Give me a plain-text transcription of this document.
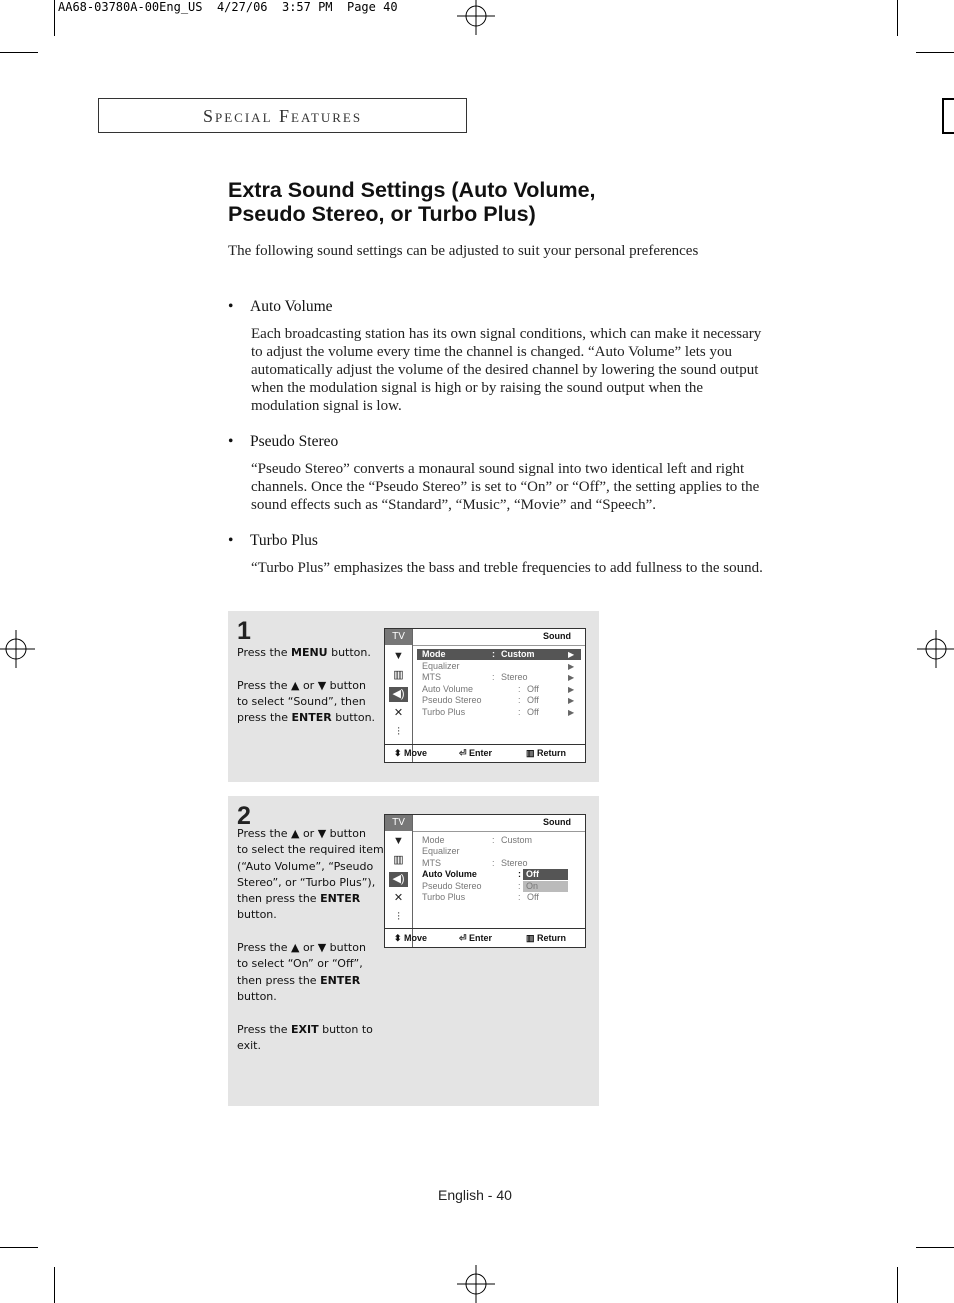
AA68-03780A-00Eng_US  4/27/06  3:57 PM  Page 40
Special Features
Extra Sound Settings (Auto Volume,
Pseudo Stereo, or Turbo Plus)
The following sound settings can be adjusted to suit your personal preferences
• Auto Volume
Each broadcasting station has its own signal conditions, which can make it necessary
to adjust the volume every time the channel is changed. “Auto Volume” lets you
automatically adjust the volume of the desired channel by lowering the sound output
when the modulation signal is high or by raising the sound output when the
modulation signal is low.
• Pseudo Stereo
“Pseudo Stereo” converts a monaural sound signal into two identical left and right
channels. Once the “Pseudo Stereo” is set to “On” or “Off”, the setting applies to the
sound effects such as “Standard”, “Music”, “Movie” and “Speech”.
• Turbo Plus
“Turbo Plus” emphasizes the bass and treble frequencies to add fullness to the sound.
1
Press the MENU button.

Press the ▲ or ▼ button
to select “Sound”, then
press the ENTER button.
TV
▼
▥
◀)
✕
⫶
Sound
Mode	: Custom	▶
Equalizer	▶
MTS	: Stereo	▶
Auto Volume	: Off	▶
Pseudo Stereo	: Off	▶
Turbo Plus	: Off	▶
⬍ Move	⏎ Enter	▥ Return
2
Press the ▲ or ▼ button
to select the required item
(“Auto Volume”, “Pseudo
Stereo”, or “Turbo Plus”),
then press the ENTER
button.

Press the ▲ or ▼ button
to select “On” or “Off”,
then press the ENTER
button.

Press the EXIT button to
exit.
TV
▼
▥
◀)
✕
⫶
Sound
Mode	: Custom
Equalizer
MTS	: Stereo
Auto Volume	: Off
Pseudo Stereo	: On
Turbo Plus	: Off
⬍ Move	⏎ Enter	▥ Return
English - 40
